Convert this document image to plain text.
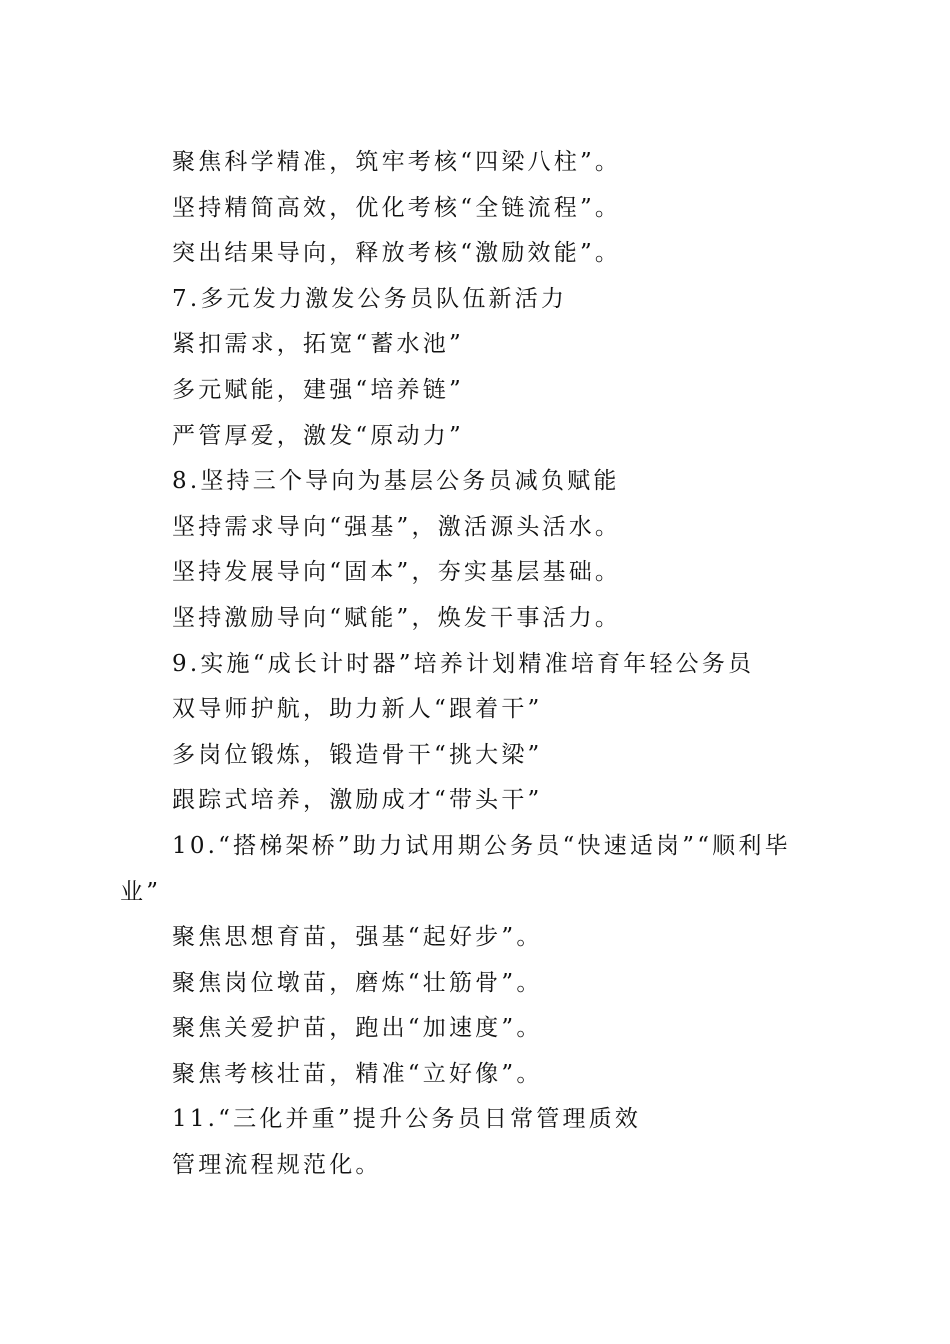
聚焦科学精准，筑牢考核“四梁八柱”。
坚持精简高效，优化考核“全链流程”。
突出结果导向，释放考核“激励效能”。
7.多元发力激发公务员队伍新活力
紧扣需求，拓宽“蓄水池”
多元赋能，建强“培养链”
严管厚爱，激发“原动力”
8.坚持三个导向为基层公务员减负赋能
坚持需求导向“强基”，激活源头活水。
坚持发展导向“固本”，夯实基层基础。
坚持激励导向“赋能”，焕发干事活力。
9.实施“成长计时器”培养计划精准培育年轻公务员
双导师护航，助力新人“跟着干”
多岗位锻炼，锻造骨干“挑大梁”
跟踪式培养，激励成才“带头干”
10.“搭梯架桥”助力试用期公务员“快速适岗”“顺利毕
业”
聚焦思想育苗，强基“起好步”。
聚焦岗位墩苗，磨炼“壮筋骨”。
聚焦关爱护苗，跑出“加速度”。
聚焦考核壮苗，精准“立好像”。
11.“三化并重”提升公务员日常管理质效
管理流程规范化。
